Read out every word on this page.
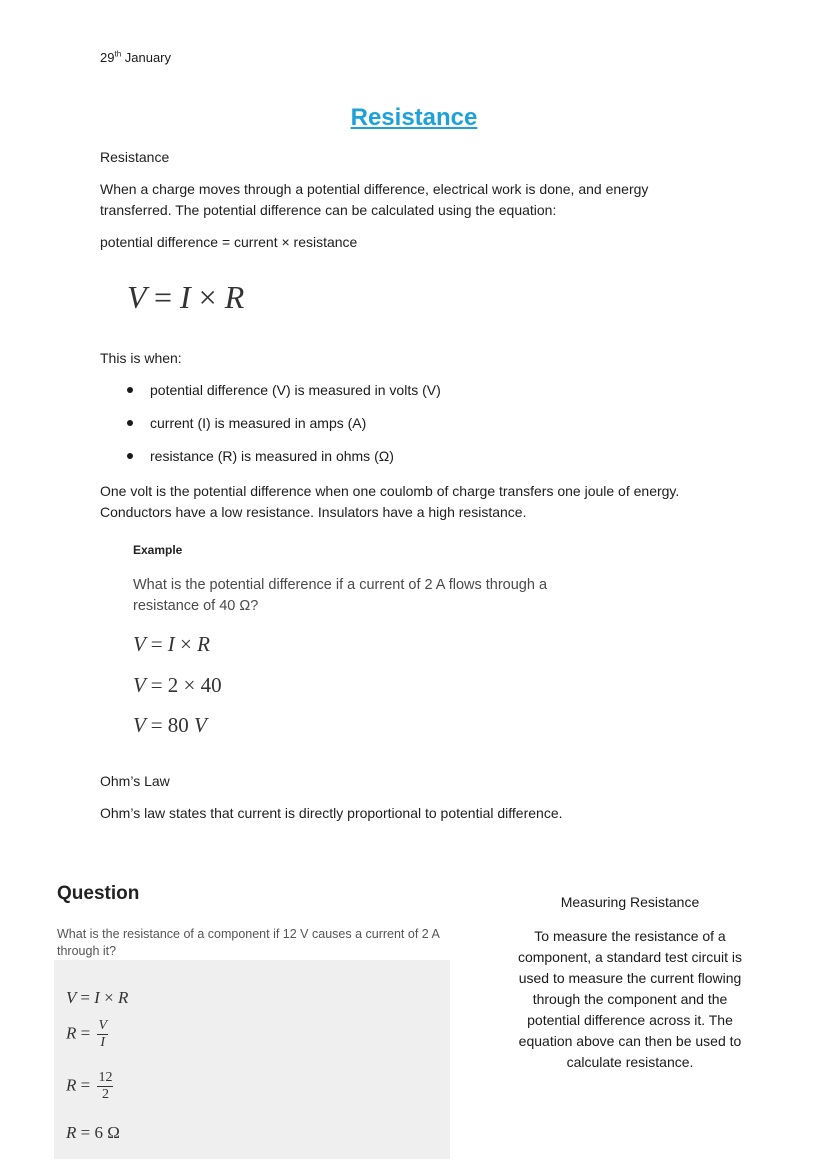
29th January
Resistance
Resistance
When a charge moves through a potential difference, electrical work is done, and energy transferred. The potential difference can be calculated using the equation:
potential difference = current × resistance
V = I × R
This is when:
potential difference (V) is measured in volts (V)
current (I) is measured in amps (A)
resistance (R) is measured in ohms (Ω)
One volt is the potential difference when one coulomb of charge transfers one joule of energy. Conductors have a low resistance. Insulators have a high resistance.
Example
What is the potential difference if a current of 2 A flows through a resistance of 40 Ω?
V = I × R
V = 2 × 40
V = 80 V
Ohm’s Law
Ohm’s law states that current is directly proportional to potential difference.
Question
What is the resistance of a component if 12 V causes a current of 2 A through it?
V = I × R
$R = \frac{V}{I}$
$R = \frac{12}{2}$
R = 6 Ω
Measuring Resistance
To measure the resistance of a component, a standard test circuit is used to measure the current flowing through the component and the potential difference across it. The equation above can then be used to calculate resistance.
